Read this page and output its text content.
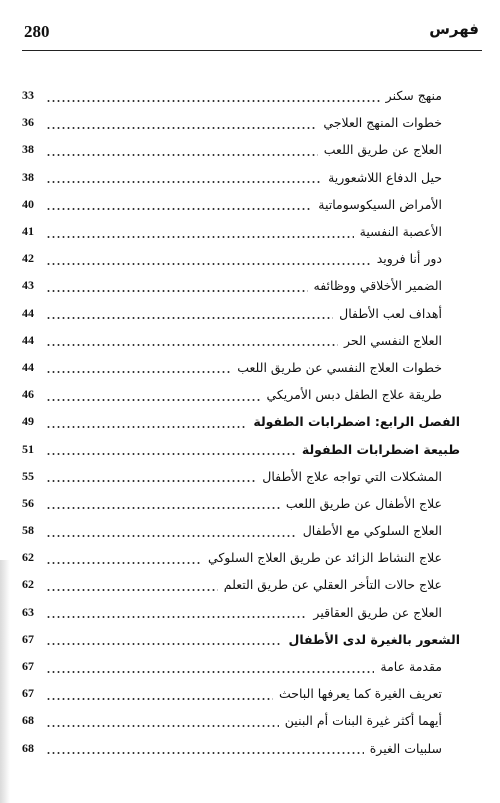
280	فهرس
33	منهج سكنر
36	خطوات المنهج العلاجي
38	العلاج عن طريق اللعب
38	حيل الدفاع اللاشعورية
40	الأمراض السيكوسوماتية
41	الأعصبة النفسية
42	دور أنا فرويد
43	الضمير الأخلاقي ووظائفه
44	أهداف لعب الأطفال
44	العلاج النفسي الحر
44	خطوات العلاج النفسي عن طريق اللعب
46	طريقة علاج الطفل دبس الأمريكي
49	الفصل الرابع: اضطرابات الطفولة
51	طبيعة اضطرابات الطفولة
55	المشكلات التي تواجه علاج الأطفال
56	علاج الأطفال عن طريق اللعب
58	العلاج السلوكي مع الأطفال
62	علاج النشاط الزائد عن طريق العلاج السلوكي
62	علاج حالات التأخر العقلي عن طريق التعلم
63	العلاج عن طريق العقاقير
67	الشعور بالغيرة لدى الأطفال
67	مقدمة عامة
67	تعريف الغيرة كما يعرفها الباحث
68	أيهما أكثر غيرة البنات أم البنين
68	سلبيات الغيرة
